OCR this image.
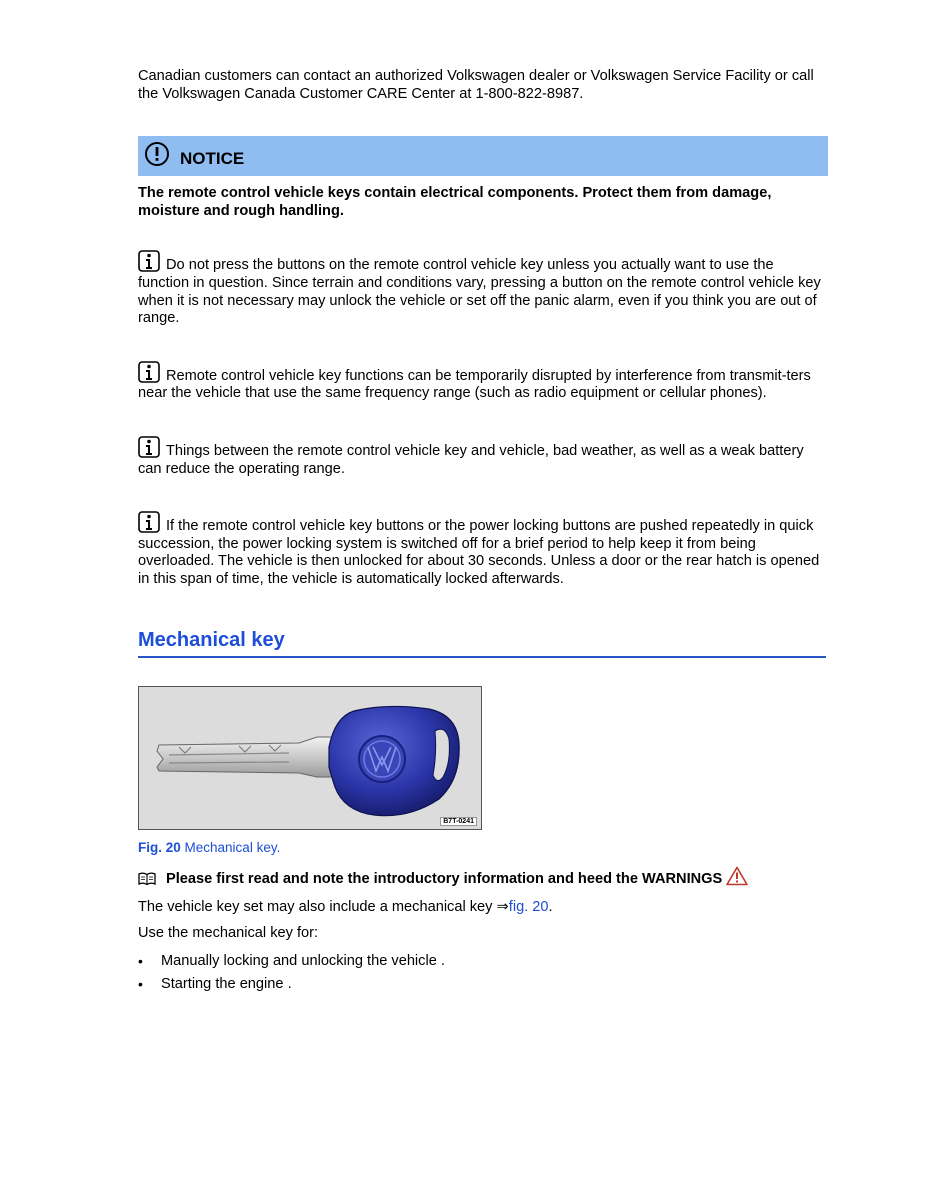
Canadian customers can contact an authorized Volkswagen dealer or Volkswagen Service Facility or call the Volkswagen Canada Customer CARE Center at 1-800-822-8987.

NOTICE

The remote control vehicle keys contain electrical components. Protect them from damage, moisture and rough handling.

Do not press the buttons on the remote control vehicle key unless you actually want to use the function in question. Since terrain and conditions vary, pressing a button on the remote control vehicle key when it is not necessary may unlock the vehicle or set off the panic alarm, even if you think you are out of range.

Remote control vehicle key functions can be temporarily disrupted by interference from transmit-ters near the vehicle that use the same frequency range (such as radio equipment or cellular phones).

Things between the remote control vehicle key and vehicle, bad weather, as well as a weak battery can reduce the operating range.

If the remote control vehicle key buttons or the power locking buttons are pushed repeatedly in quick succession, the power locking system is switched off for a brief period to help keep it from being overloaded. The vehicle is then unlocked for about 30 seconds. Unless a door or the rear hatch is opened in this span of time, the vehicle is automatically locked afterwards.

Mechanical key
B7T-0241
Fig. 20 Mechanical key.
Please first read and note the introductory information and heed the WARNINGS

The vehicle key set may also include a mechanical key ⇒fig. 20.

Use the mechanical key for:

• Manually locking and unlocking the vehicle .
• Starting the engine .
